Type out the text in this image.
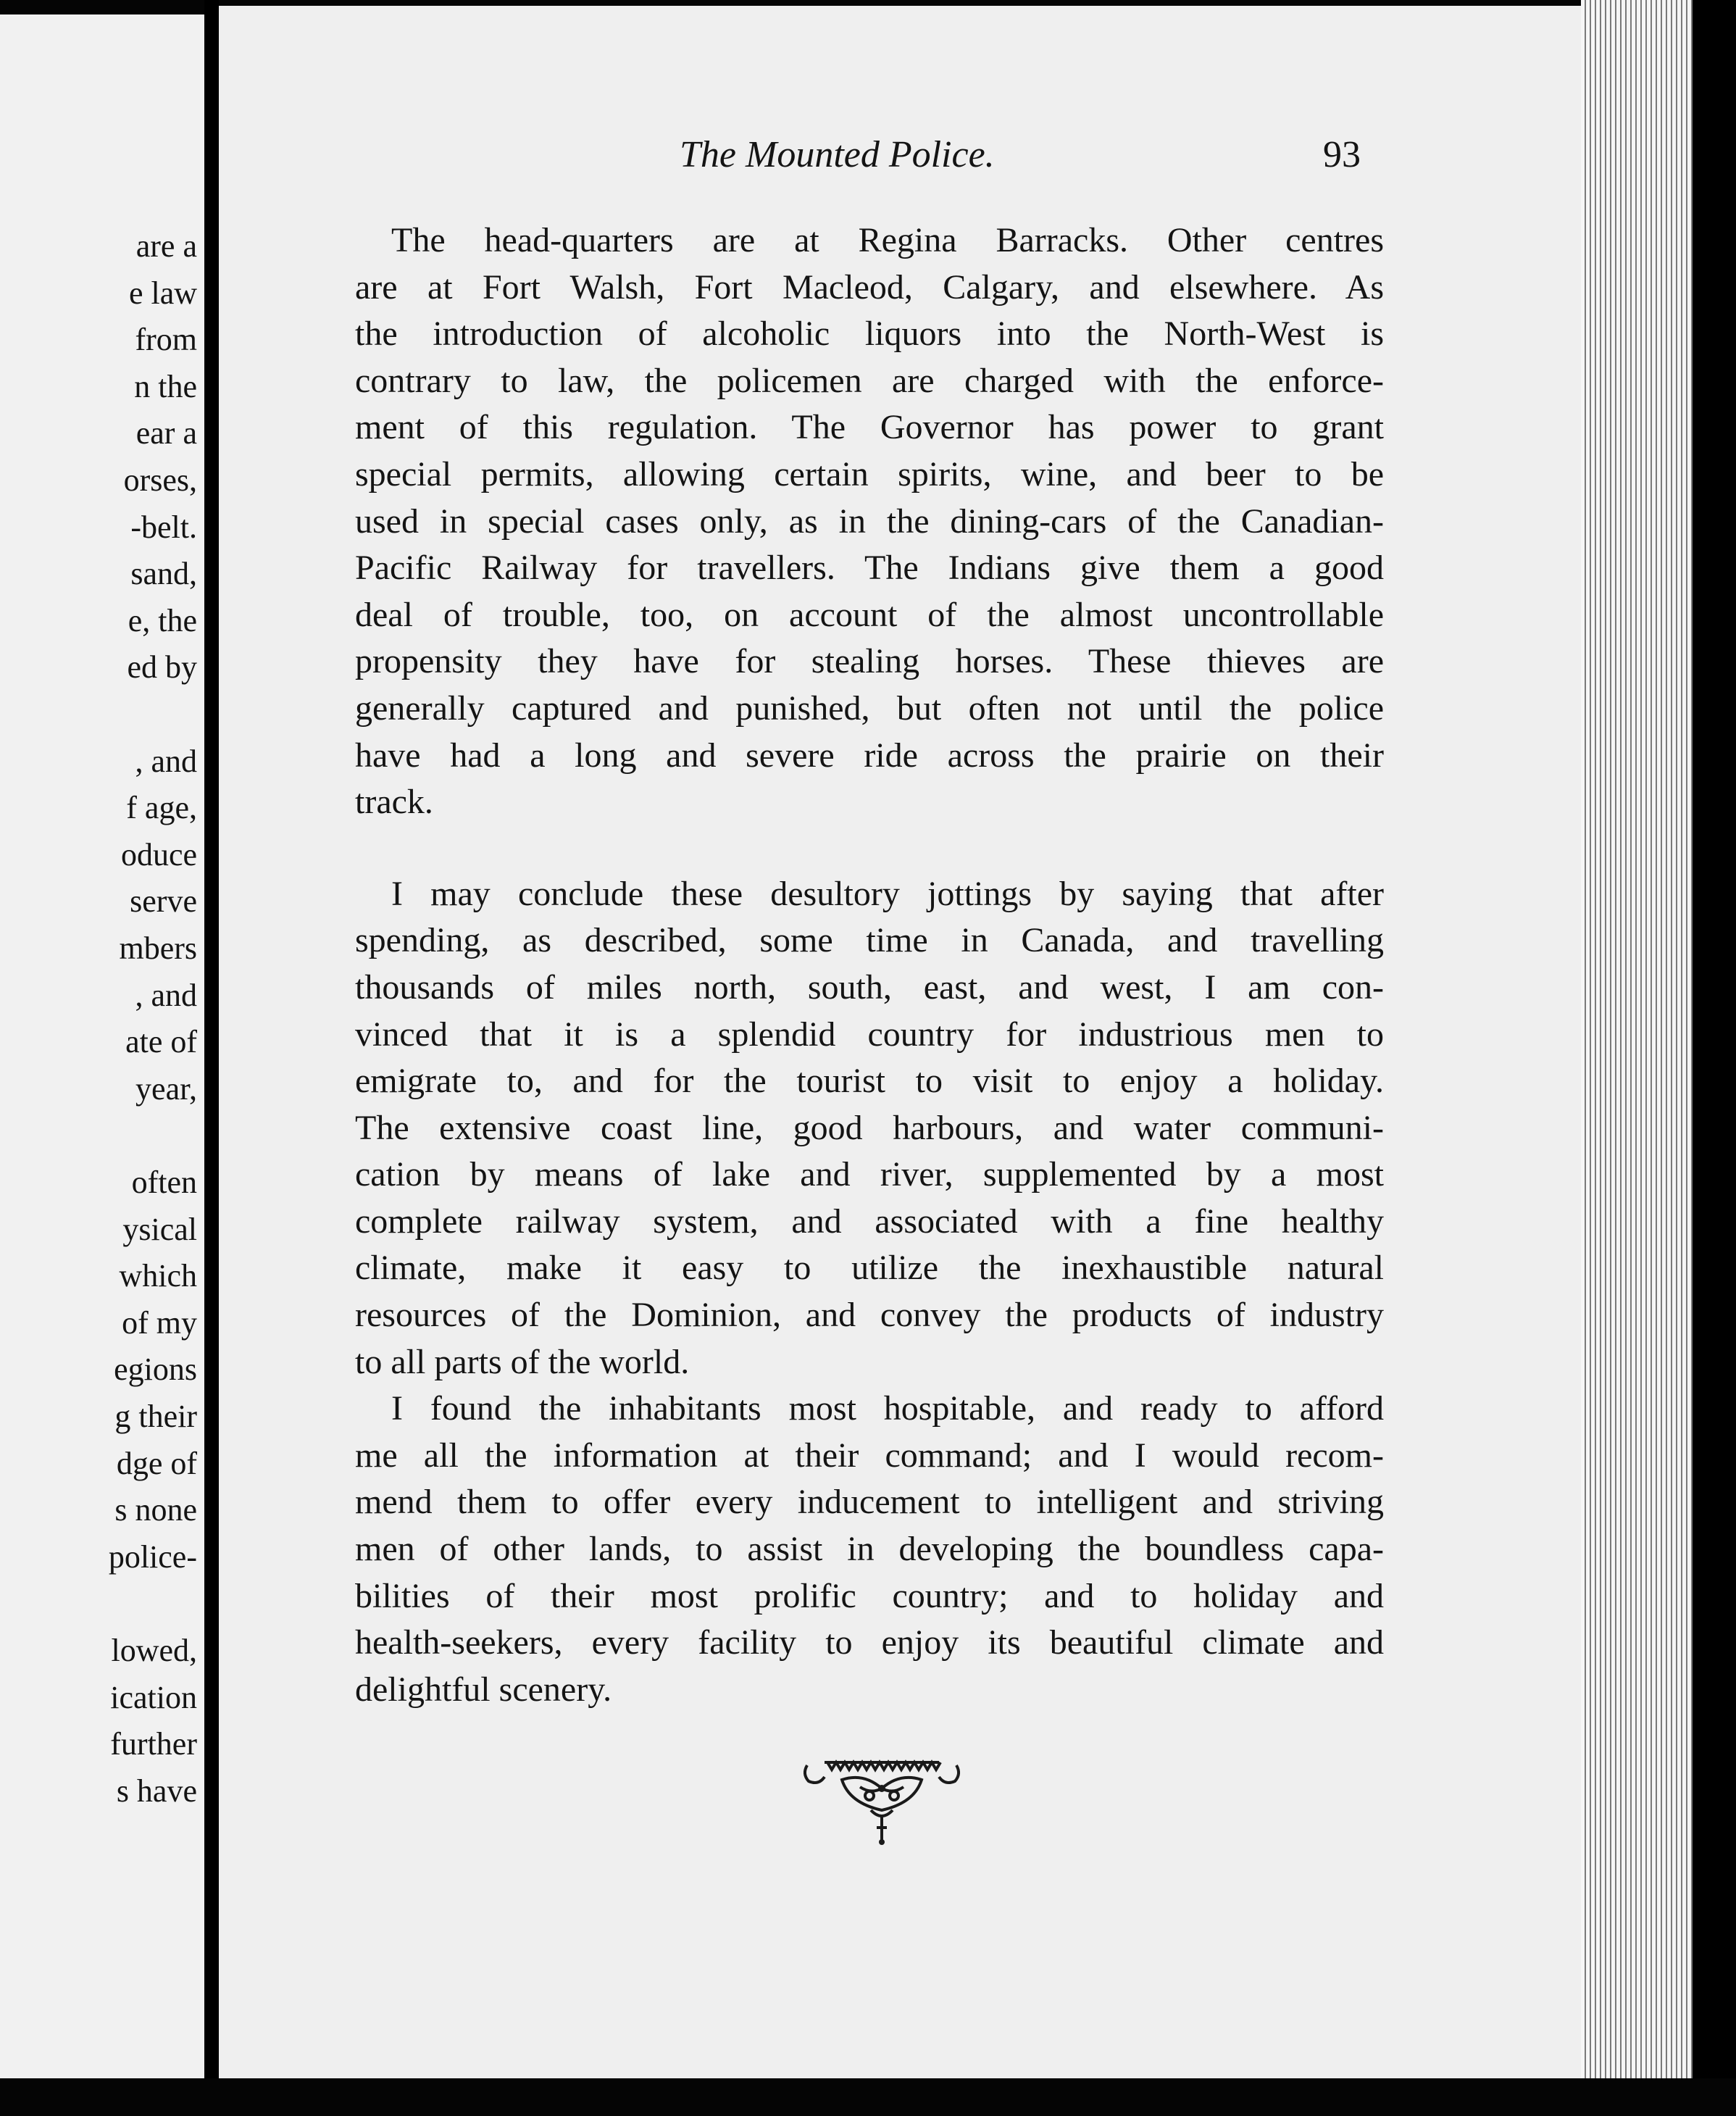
are a
e law
from
n the
ear a
orses,
-belt.
sand,
e, the
ed by
, and
f age,
oduce
serve
mbers
, and
ate of
year,
often
ysical
which
of my
egions
g their
dge of
s none
police-
lowed,
ication
further
s have
The Mounted Police.	93
The head-quarters are at Regina Barracks. Other centres
are at Fort Walsh, Fort Macleod, Calgary, and elsewhere. As
the introduction of alcoholic liquors into the North-West is
contrary to law, the policemen are charged with the enforce-
ment of this regulation. The Governor has power to grant
special permits, allowing certain spirits, wine, and beer to be
used in special cases only, as in the dining-cars of the Canadian-
Pacific Railway for travellers. The Indians give them a good
deal of trouble, too, on account of the almost uncontrollable
propensity they have for stealing horses. These thieves are
generally captured and punished, but often not until the police
have had a long and severe ride across the prairie on their
track.
I may conclude these desultory jottings by saying that after
spending, as described, some time in Canada, and travelling
thousands of miles north, south, east, and west, I am con-
vinced that it is a splendid country for industrious men to
emigrate to, and for the tourist to visit to enjoy a holiday.
The extensive coast line, good harbours, and water communi-
cation by means of lake and river, supplemented by a most
complete railway system, and associated with a fine healthy
climate, make it easy to utilize the inexhaustible natural
resources of the Dominion, and convey the products of industry
to all parts of the world.
I found the inhabitants most hospitable, and ready to afford
me all the information at their command; and I would recom-
mend them to offer every inducement to intelligent and striving
men of other lands, to assist in developing the boundless capa-
bilities of their most prolific country; and to holiday and
health-seekers, every facility to enjoy its beautiful climate and
delightful scenery.
